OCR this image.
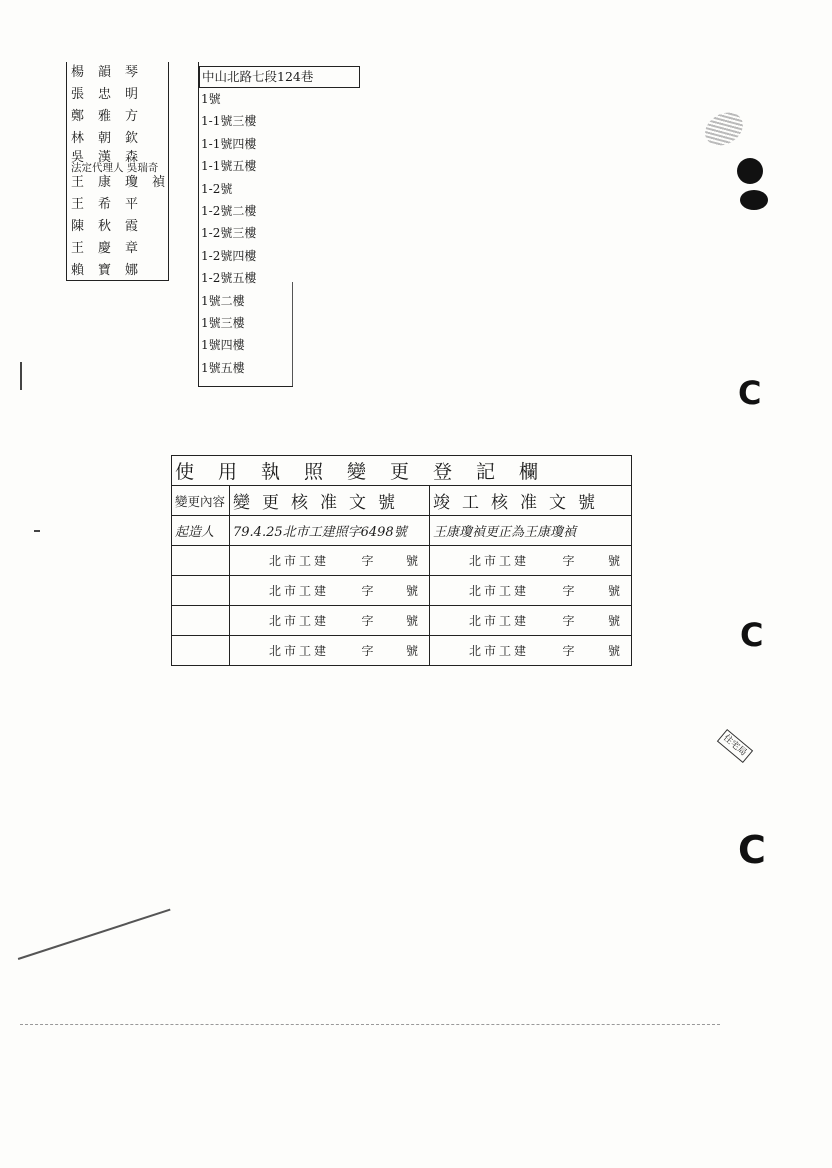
楊韻琴
張忠明
鄭雅方
林朝欽
吳漢森
法定代理人 吳瑞奇
王康瓊禎
王希平
陳秋霞
王慶章
賴寶娜
中山北路七段124巷
1號
1-1號三樓
1-1號四樓
1-1號五樓
1-2號
1-2號二樓
1-2號三樓
1-2號四樓
1-2號五樓
1號二樓
1號三樓
1號四樓
1號五樓
使用執照變更登記欄		
變更內容	變更核准文號	竣工核准文號
起造人	79.4.25北市工建照字6498號	王康瓊禎更正為王康瓊禎

	北市工建 字 號	北市工建 字 號

	北市工建 字 號	北市工建 字 號

	北市工建 字 號	北市工建 字 號

	北市工建 字 號	北市工建 字 號
C
C
C
住宅局
